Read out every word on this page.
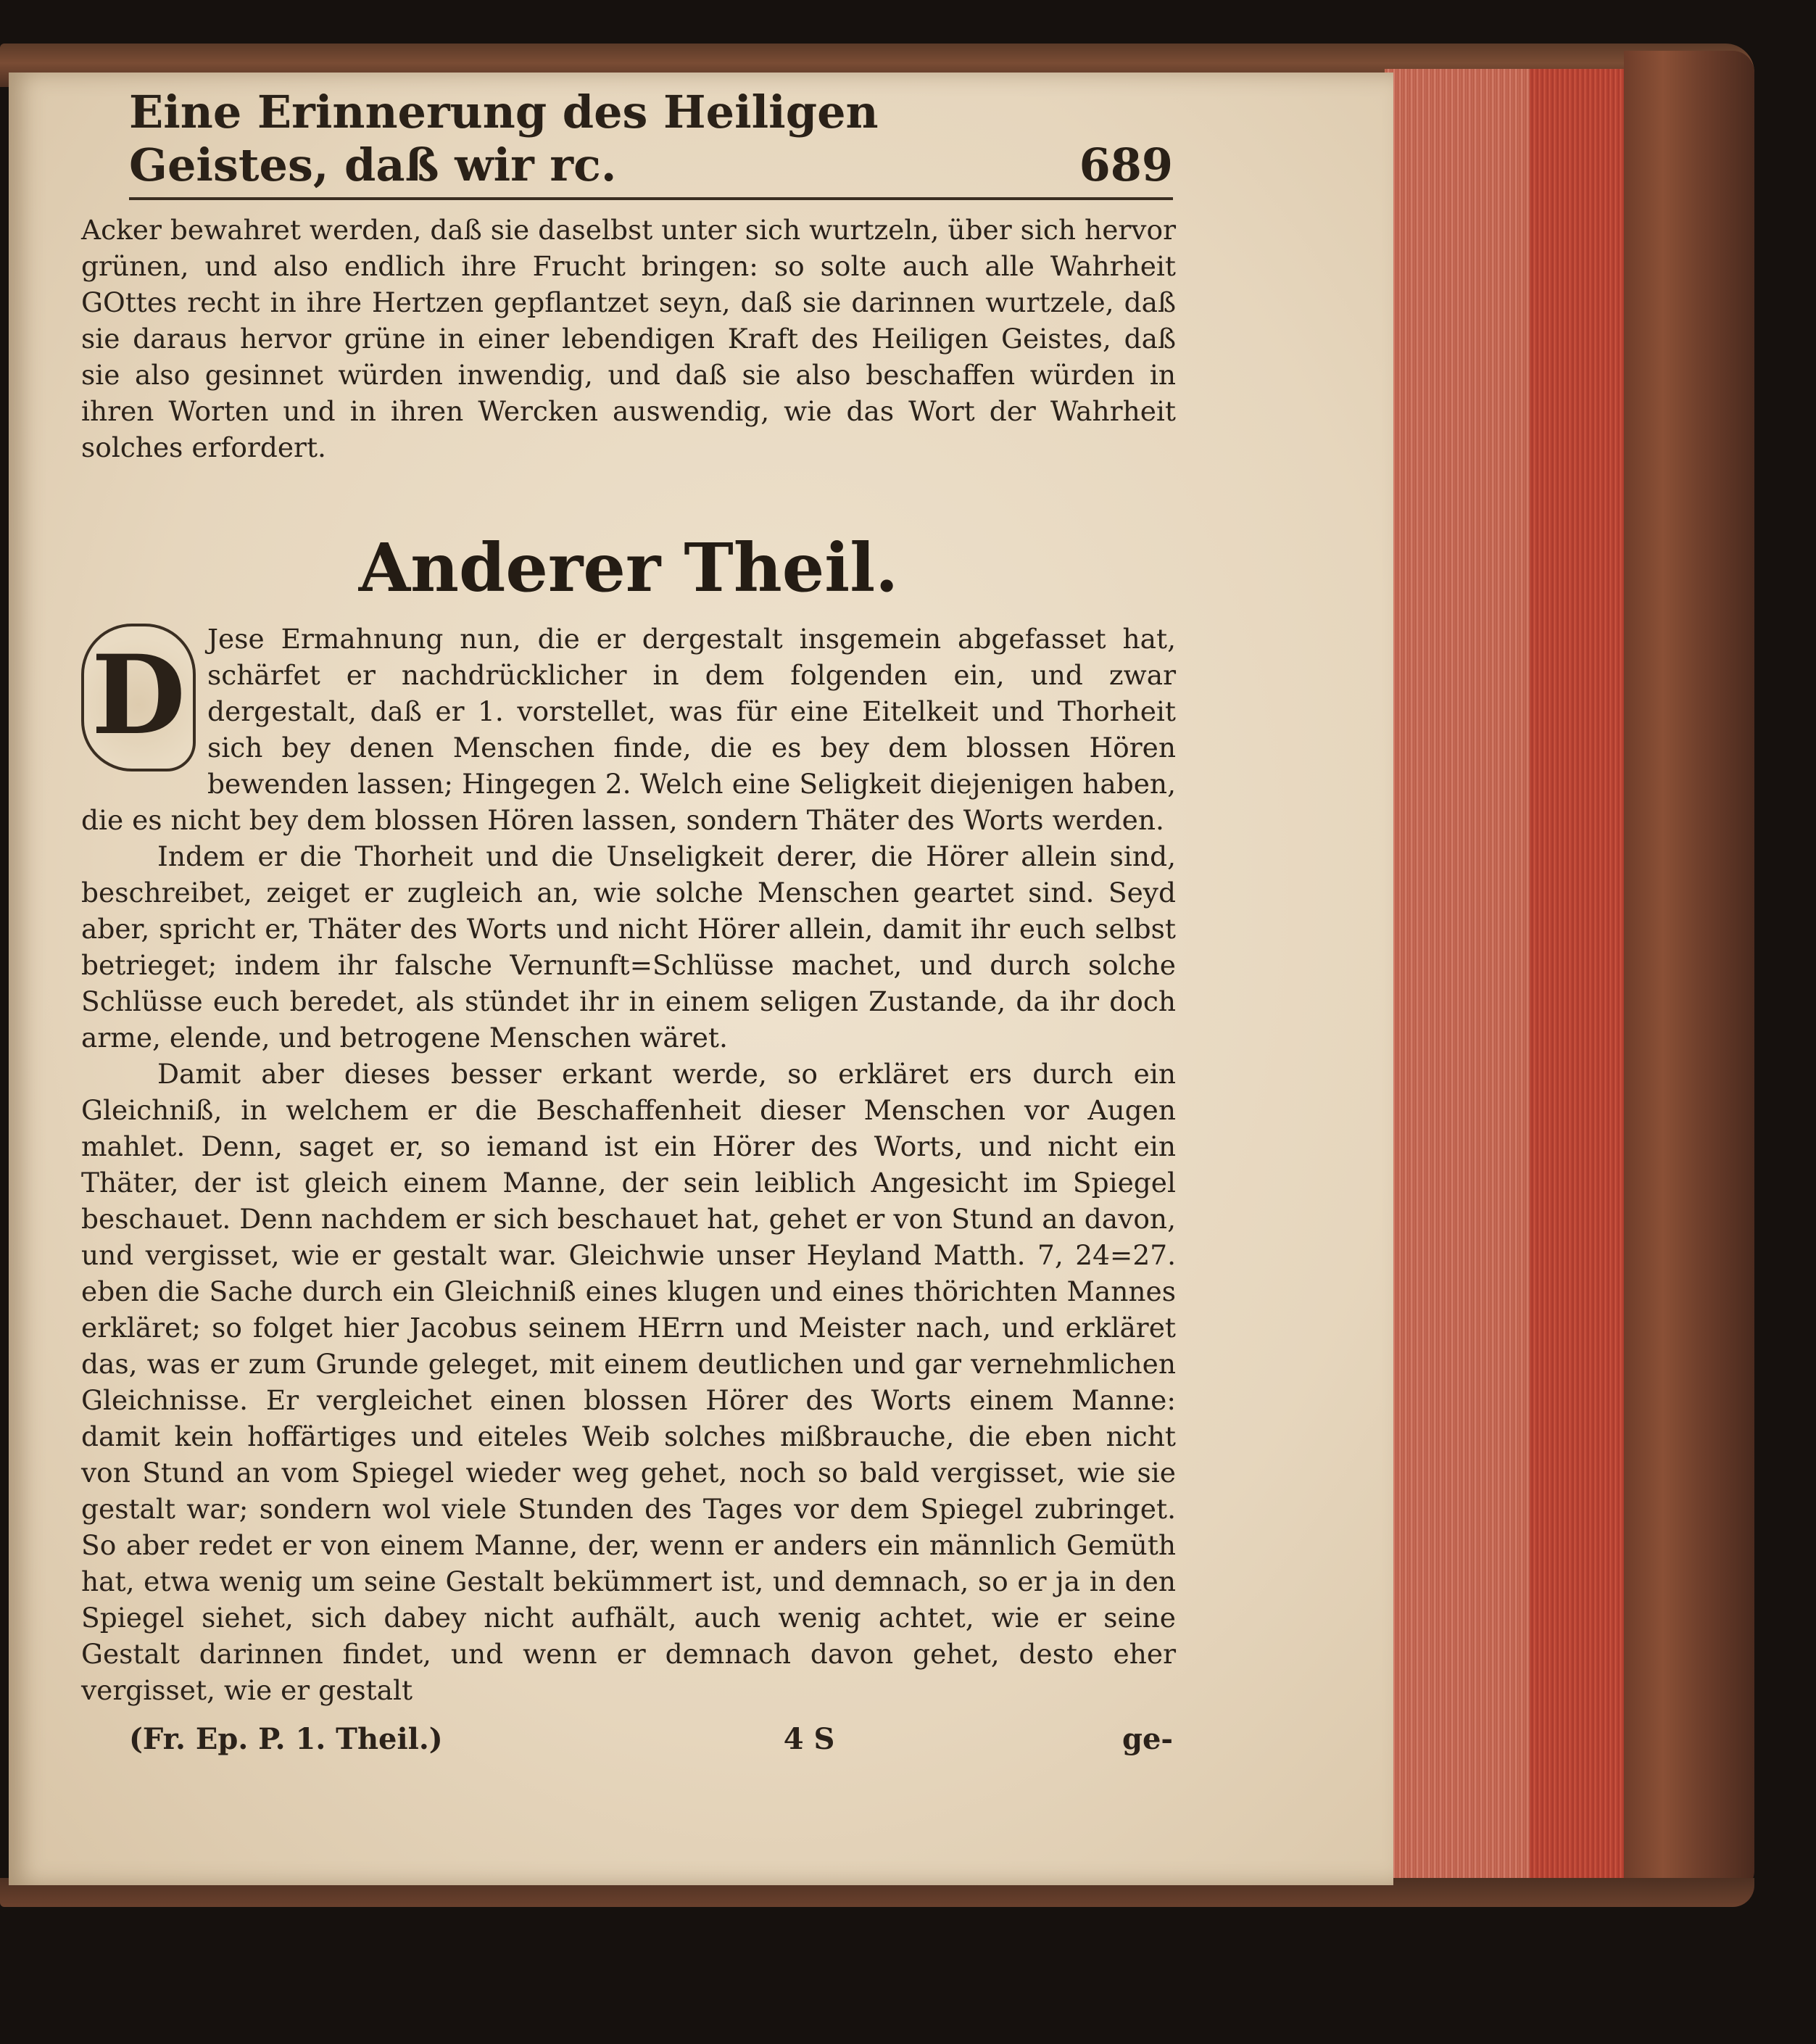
Eine Erinnerung des Heiligen Geistes, daß wir rc.	689

Acker bewahret werden, daß sie daselbst unter sich wurtzeln, über sich hervor grünen, und also endlich ihre Frucht bringen: so solte auch alle Wahrheit GOttes recht in ihre Hertzen gepflantzet seyn, daß sie darinnen wurtzele, daß sie daraus hervor grüne in einer lebendigen Kraft des Heiligen Geistes, daß sie also gesinnet würden inwendig, und daß sie also beschaffen würden in ihren Worten und in ihren Wercken auswendig, wie das Wort der Wahrheit solches erfordert.

Anderer Theil.

D Jese Ermahnung nun, die er dergestalt insgemein abgefasset hat, schärfet er nachdrücklicher in dem folgenden ein, und zwar dergestalt, daß er 1. vorstellet, was für eine Eitelkeit und Thorheit sich bey denen Menschen finde, die es bey dem blossen Hören bewenden lassen; Hingegen 2. Welch eine Seligkeit diejenigen haben, die es nicht bey dem blossen Hören lassen, sondern Thäter des Worts werden.

Indem er die Thorheit und die Unseligkeit derer, die Hörer allein sind, beschreibet, zeiget er zugleich an, wie solche Menschen geartet sind. Seyd aber, spricht er, Thäter des Worts und nicht Hörer allein, damit ihr euch selbst betrieget; indem ihr falsche Vernunft=Schlüsse machet, und durch solche Schlüsse euch beredet, als stündet ihr in einem seligen Zustande, da ihr doch arme, elende, und betrogene Menschen wäret.

Damit aber dieses besser erkant werde, so erkläret ers durch ein Gleichniß, in welchem er die Beschaffenheit dieser Menschen vor Augen mahlet. Denn, saget er, so iemand ist ein Hörer des Worts, und nicht ein Thäter, der ist gleich einem Manne, der sein leiblich Angesicht im Spiegel beschauet. Denn nachdem er sich beschauet hat, gehet er von Stund an davon, und vergisset, wie er gestalt war. Gleichwie unser Heyland Matth. 7, 24=27. eben die Sache durch ein Gleichniß eines klugen und eines thörichten Mannes erkläret; so folget hier Jacobus seinem HErrn und Meister nach, und erkläret das, was er zum Grunde geleget, mit einem deutlichen und gar vernehmlichen Gleichnisse. Er vergleichet einen blossen Hörer des Worts einem Manne: damit kein hoffärtiges und eiteles Weib solches mißbrauche, die eben nicht von Stund an vom Spiegel wieder weg gehet, noch so bald vergisset, wie sie gestalt war; sondern wol viele Stunden des Tages vor dem Spiegel zubringet. So aber redet er von einem Manne, der, wenn er anders ein männlich Gemüth hat, etwa wenig um seine Gestalt bekümmert ist, und demnach, so er ja in den Spiegel siehet, sich dabey nicht aufhält, auch wenig achtet, wie er seine Gestalt darinnen findet, und wenn er demnach davon gehet, desto eher vergisset, wie er gestalt

(Fr. Ep. P. 1. Theil.)	4 S	ge-
